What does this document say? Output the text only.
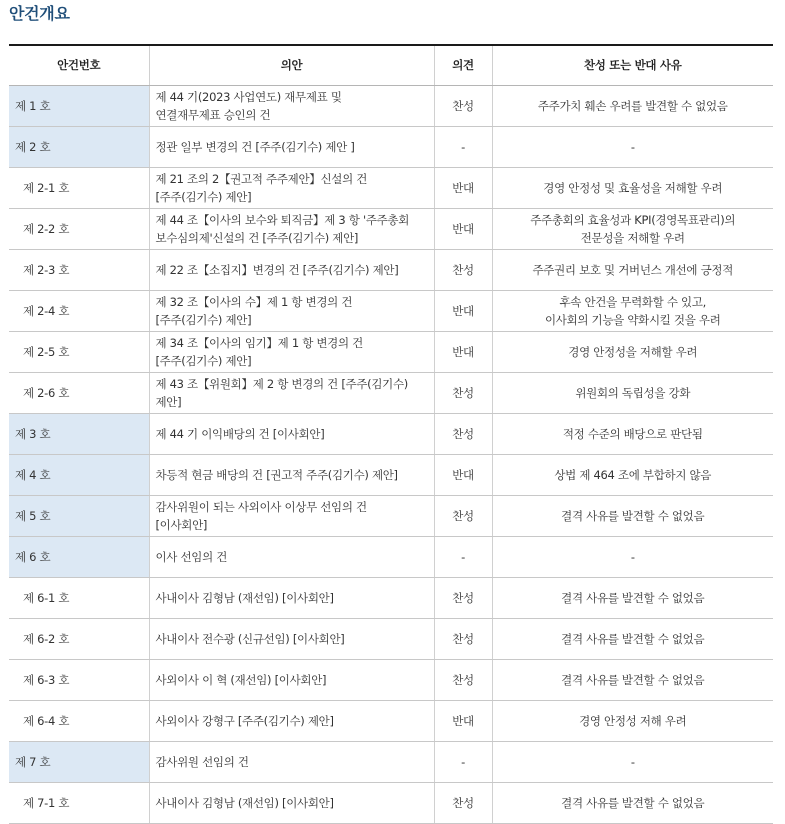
안건개요
안건번호	의안	의견	찬성 또는 반대 사유
제 1 호	제 44 기(2023 사업연도) 재무제표 및
연결재무제표 승인의 건	찬성	주주가치 훼손 우려를 발견할 수 없었음

제 2 호	정관 일부 변경의 건 [주주(김기수) 제안 ]	-	-

제 2-1 호	제 21 조의 2【권고적 주주제안】신설의 건
[주주(김기수) 제안]	반대	경영 안정성 및 효율성을 저해할 우려

제 2-2 호	제 44 조【이사의 보수와 퇴직금】제 3 항 '주주총회
보수심의제'신설의 건 [주주(김기수) 제안]	반대	주주총회의 효율성과 KPI(경영목표관리)의
전문성을 저해할 우려

제 2-3 호	제 22 조【소집지】변경의 건 [주주(김기수) 제안]	찬성	주주권리 보호 및 거버넌스 개선에 긍정적

제 2-4 호	제 32 조【이사의 수】제 1 항 변경의 건
[주주(김기수) 제안]	반대	후속 안건을 무력화할 수 있고,
이사회의 기능을 약화시킬 것을 우려

제 2-5 호	제 34 조【이사의 임기】제 1 항 변경의 건
[주주(김기수) 제안]	반대	경영 안정성을 저해할 우려

제 2-6 호	제 43 조【위원회】제 2 항 변경의 건 [주주(김기수)
제안]	찬성	위원회의 독립성을 강화

제 3 호	제 44 기 이익배당의 건 [이사회안]	찬성	적정 수준의 배당으로 판단됨

제 4 호	차등적 현금 배당의 건 [권고적 주주(김기수) 제안]	반대	상법 제 464 조에 부합하지 않음

제 5 호	감사위원이 되는 사외이사 이상무 선임의 건
[이사회안]	찬성	결격 사유를 발견할 수 없었음

제 6 호	이사 선임의 건	-	-

제 6-1 호	사내이사 김형남 (재선임) [이사회안]	찬성	결격 사유를 발견할 수 없었음

제 6-2 호	사내이사 전수광 (신규선임) [이사회안]	찬성	결격 사유를 발견할 수 없었음

제 6-3 호	사외이사 이 혁 (재선임) [이사회안]	찬성	결격 사유를 발견할 수 없었음

제 6-4 호	사외이사 강형구 [주주(김기수) 제안]	반대	경영 안정성 저해 우려

제 7 호	감사위원 선임의 건	-	-

제 7-1 호	사내이사 김형남 (재선임) [이사회안]	찬성	결격 사유를 발견할 수 없었음
